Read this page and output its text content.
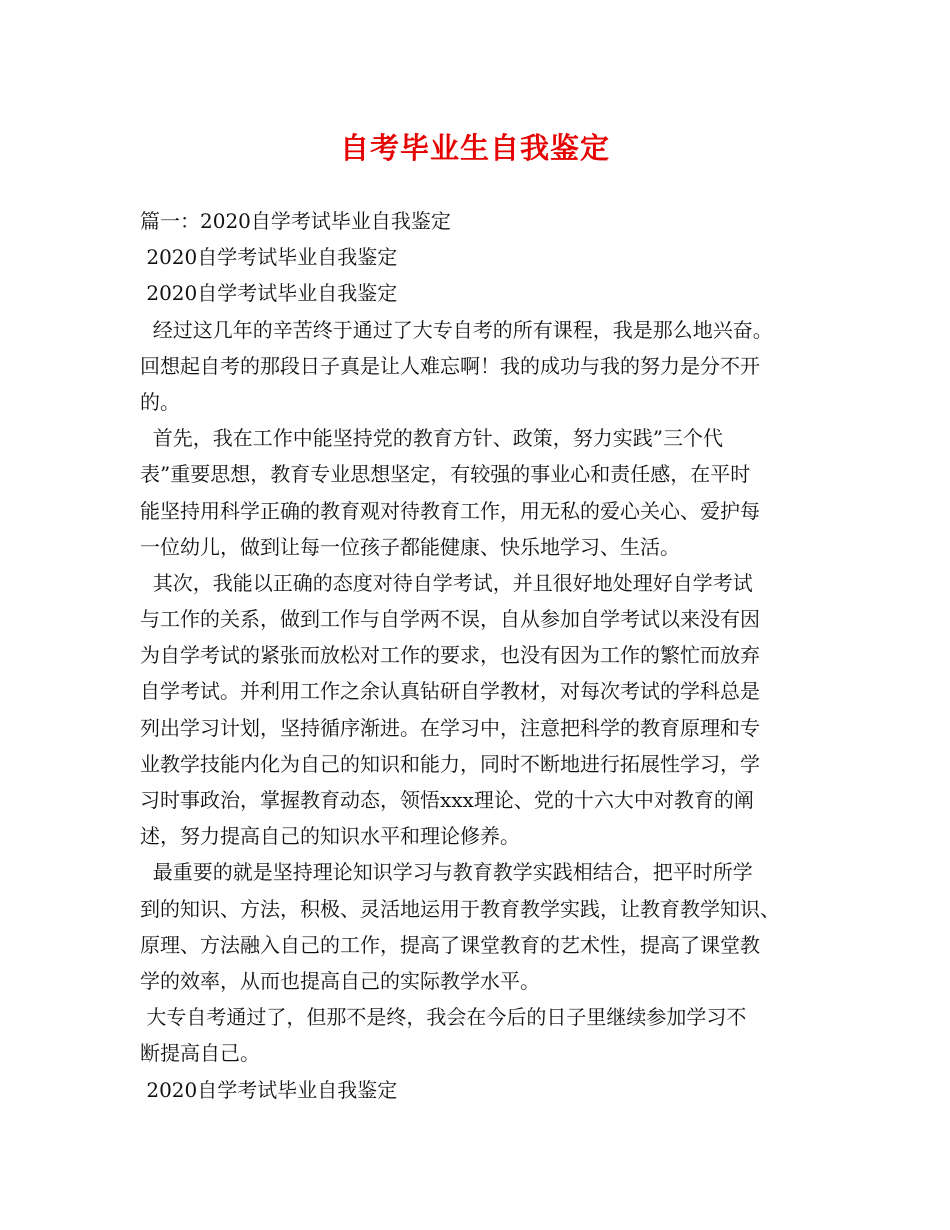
自考毕业生自我鉴定
篇一：2020自学考试毕业自我鉴定
2020自学考试毕业自我鉴定
2020自学考试毕业自我鉴定
经过这几年的辛苦终于通过了大专自考的所有课程，我是那么地兴奋。
回想起自考的那段日子真是让人难忘啊！我的成功与我的努力是分不开
的。
首先，我在工作中能坚持党的教育方针、政策，努力实践”三个代
表”重要思想，教育专业思想坚定，有较强的事业心和责任感，在平时
能坚持用科学正确的教育观对待教育工作，用无私的爱心关心、爱护每
一位幼儿，做到让每一位孩子都能健康、快乐地学习、生活。
其次，我能以正确的态度对待自学考试，并且很好地处理好自学考试
与工作的关系，做到工作与自学两不误，自从参加自学考试以来没有因
为自学考试的紧张而放松对工作的要求，也没有因为工作的繁忙而放弃
自学考试。并利用工作之余认真钻研自学教材，对每次考试的学科总是
列出学习计划，坚持循序渐进。在学习中，注意把科学的教育原理和专
业教学技能内化为自己的知识和能力，同时不断地进行拓展性学习，学
习时事政治，掌握教育动态，领悟xxx理论、党的十六大中对教育的阐
述，努力提高自己的知识水平和理论修养。
最重要的就是坚持理论知识学习与教育教学实践相结合，把平时所学
到的知识、方法，积极、灵活地运用于教育教学实践，让教育教学知识、
原理、方法融入自己的工作，提高了课堂教育的艺术性，提高了课堂教
学的效率，从而也提高自己的实际教学水平。
大专自考通过了，但那不是终，我会在今后的日子里继续参加学习不
断提高自己。
2020自学考试毕业自我鉴定
